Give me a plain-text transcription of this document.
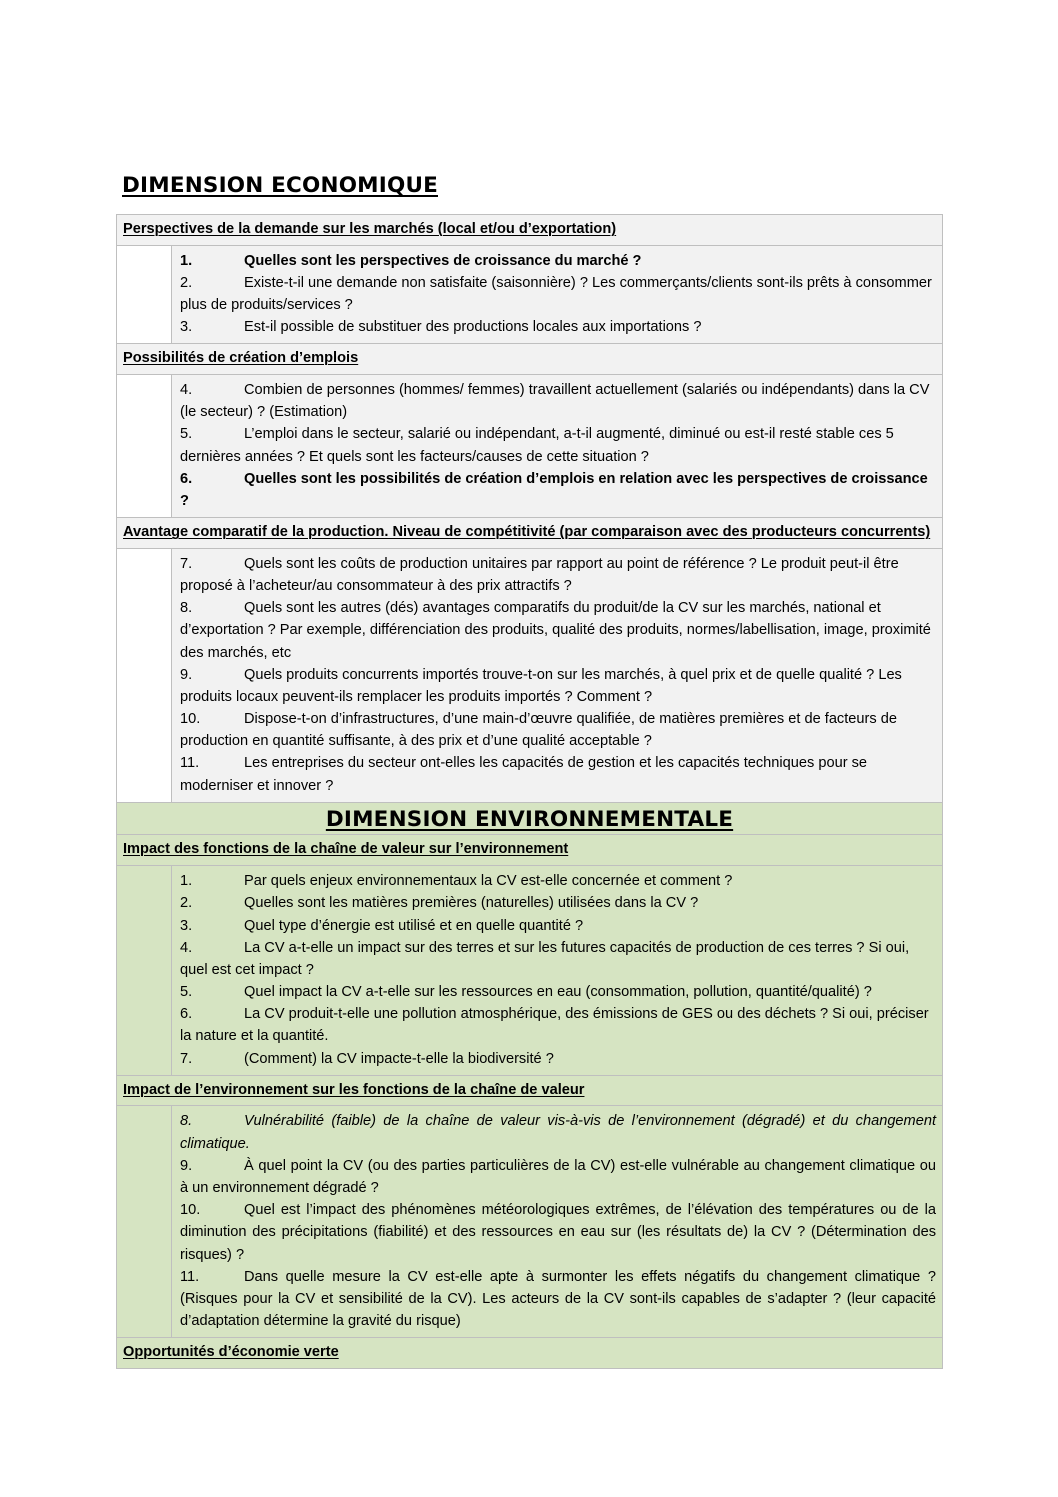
DIMENSION ECONOMIQUE
Perspectives de la demande sur les marchés (local et/ou d’exportation)	

	1. Quelles sont les perspectives de croissance du marché ?

2. Existe-t-il une demande non satisfaite (saisonnière) ? Les commerçants/clients sont-ils prêts à consommer plus de produits/services ?

3. Est-il possible de substituer des productions locales aux importations ?

Possibilités de création d’emplois	

	4. Combien de personnes (hommes/ femmes) travaillent actuellement (salariés ou indépendants) dans la CV (le secteur) ? (Estimation)

5. L’emploi dans le secteur, salarié ou indépendant, a-t-il augmenté, diminué ou est-il resté stable ces 5 dernières années ? Et quels sont les facteurs/causes de cette situation ?

6. Quelles sont les possibilités de création d’emplois en relation avec les perspectives de croissance ?

Avantage comparatif de la production. Niveau de compétitivité (par comparaison avec des producteurs concurrents)	

	7. Quels sont les coûts de production unitaires par rapport au point de référence ? Le produit peut-il être proposé à l’acheteur/au consommateur à des prix attractifs ?

8. Quels sont les autres (dés) avantages comparatifs du produit/de la CV sur les marchés, national et d’exportation ? Par exemple, différenciation des produits, qualité des produits, normes/labellisation, image, proximité des marchés, etc

9. Quels produits concurrents importés trouve-t-on sur les marchés, à quel prix et de quelle qualité ? Les produits locaux peuvent-ils remplacer les produits importés ? Comment ?

10. Dispose-t-on d’infrastructures, d’une main-d’œuvre qualifiée, de matières premières et de facteurs de production en quantité suffisante, à des prix et d’une qualité acceptable ?

11. Les entreprises du secteur ont-elles les capacités de gestion et les capacités techniques pour se moderniser et innover ?

DIMENSION ENVIRONNEMENTALE	
Impact des fonctions de la chaîne de valeur sur l’environnement	

1.	Par quels enjeux environnementaux la CV est-elle concernée et comment ?

2.	Quelles sont les matières premières (naturelles) utilisées dans la CV ?

3.	Quel type d’énergie est utilisé et en quelle quantité ?

4.	La CV a-t-elle un impact sur des terres et sur les futures capacités de production de ces terres ? Si oui, quel est cet impact ?

5.	Quel impact la CV a-t-elle sur les ressources en eau (consommation, pollution, quantité/qualité) ?

6.	La CV produit-t-elle une pollution atmosphérique, des émissions de GES ou des déchets ? Si oui, préciser la nature et la quantité.

7.	(Comment) la CV impacte-t-elle la biodiversité ?

Impact de l’environnement sur les fonctions de la chaîne de valeur	

	8. Vulnérabilité (faible) de la chaîne de valeur vis-à-vis de l’environnement (dégradé) et du changement climatique.

9. À quel point la CV (ou des parties particulières de la CV) est-elle vulnérable au changement climatique ou à un environnement dégradé ?

10. Quel est l’impact des phénomènes météorologiques extrêmes, de l’élévation des températures ou de la diminution des précipitations (fiabilité) et des ressources en eau sur (les résultats de) la CV ? (Détermination des risques) ?

11. Dans quelle mesure la CV est-elle apte à surmonter les effets négatifs du changement climatique ? (Risques pour la CV et sensibilité de la CV). Les acteurs de la CV sont-ils capables de s’adapter ? (leur capacité d’adaptation détermine la gravité du risque)

Opportunités d’économie verte	
